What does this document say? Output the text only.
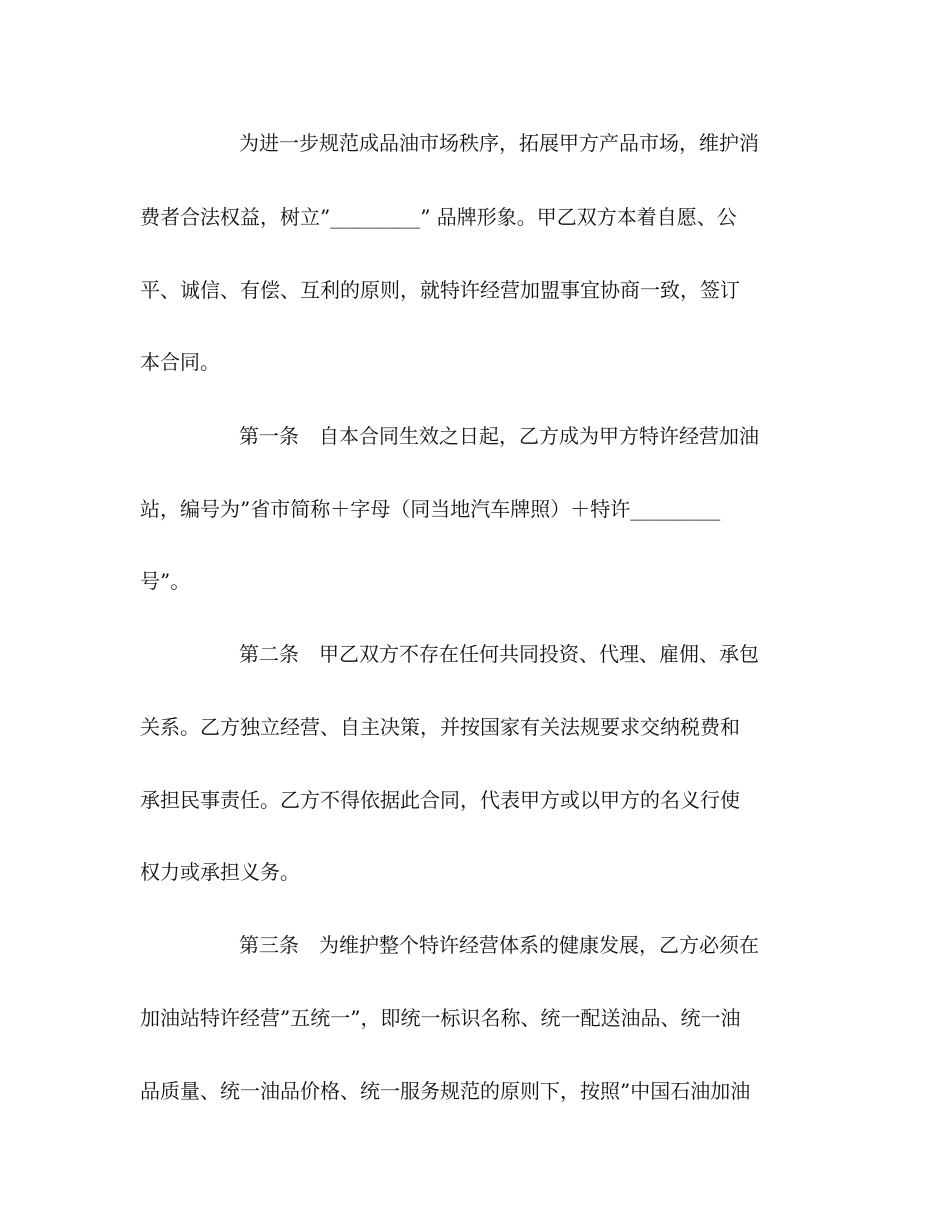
为进一步规范成品油市场秩序，拓展甲方产品市场，维护消
费者合法权益，树立”_________” 品牌形象。甲乙双方本着自愿、公
平、诚信、有偿、互利的原则，就特许经营加盟事宜协商一致，签订
本合同。
第一条　自本合同生效之日起，乙方成为甲方特许经营加油
站，编号为”省市简称＋字母（同当地汽车牌照）＋特许_________
号”。
第二条　甲乙双方不存在任何共同投资、代理、雇佣、承包
关系。乙方独立经营、自主决策，并按国家有关法规要求交纳税费和
承担民事责任。乙方不得依据此合同，代表甲方或以甲方的名义行使
权力或承担义务。
第三条　为维护整个特许经营体系的健康发展，乙方必须在
加油站特许经营”五统一”，即统一标识名称、统一配送油品、统一油
品质量、统一油品价格、统一服务规范的原则下，按照”中国石油加油
